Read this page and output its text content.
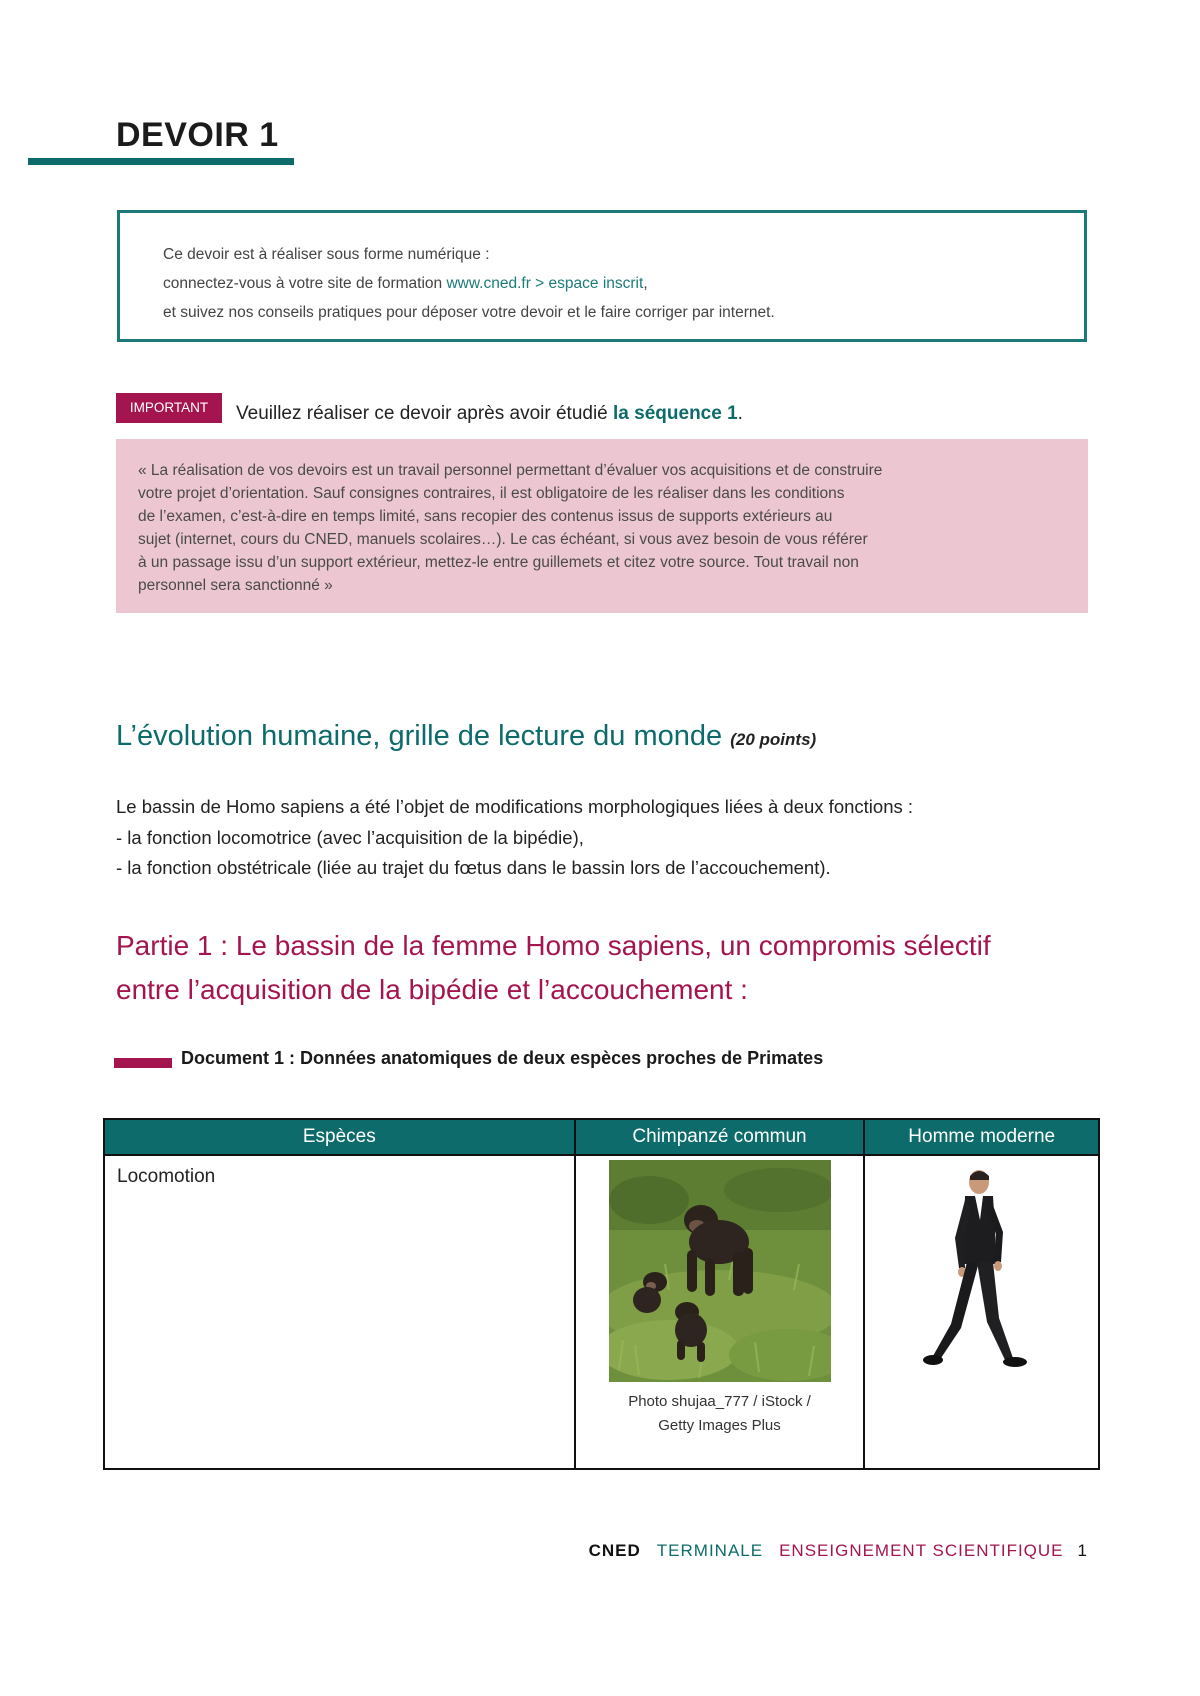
DEVOIR 1
Ce devoir est à réaliser sous forme numérique :
connectez-vous à votre site de formation www.cned.fr > espace inscrit,
et suivez nos conseils pratiques pour déposer votre devoir et le faire corriger par internet.
IMPORTANT	Veuillez réaliser ce devoir après avoir étudié la séquence 1.

« La réalisation de vos devoirs est un travail personnel permettant d’évaluer vos acquisitions et de construire

votre projet d’orientation. Sauf consignes contraires, il est obligatoire de les réaliser dans les conditions

de l’examen, c’est-à-dire en temps limité, sans recopier des contenus issus de supports extérieurs au

sujet (internet, cours du CNED, manuels scolaires…). Le cas échéant, si vous avez besoin de vous référer

à un passage issu d’un support extérieur, mettez-le entre guillemets et citez votre source. Tout travail non

personnel sera sanctionné »

L’évolution humaine, grille de lecture du monde (20 points)
Le bassin de Homo sapiens a été l’objet de modifications morphologiques liées à deux fonctions :
- la fonction locomotrice (avec l’acquisition de la bipédie),
- la fonction obstétricale (liée au trajet du fœtus dans le bassin lors de l’accouchement).
Partie 1 : Le bassin de la femme Homo sapiens, un compromis sélectif
entre l’acquisition de la bipédie et l’accouchement :
Document 1 : Données anatomiques de deux espèces proches de Primates
Espèces	Chimpanzé commun	Homme moderne

Locomotion	Photo shujaa_777 / iStock /
Getty Images Plus

CNED TERMINALE ENSEIGNEMENT SCIENTIFIQUE 1
